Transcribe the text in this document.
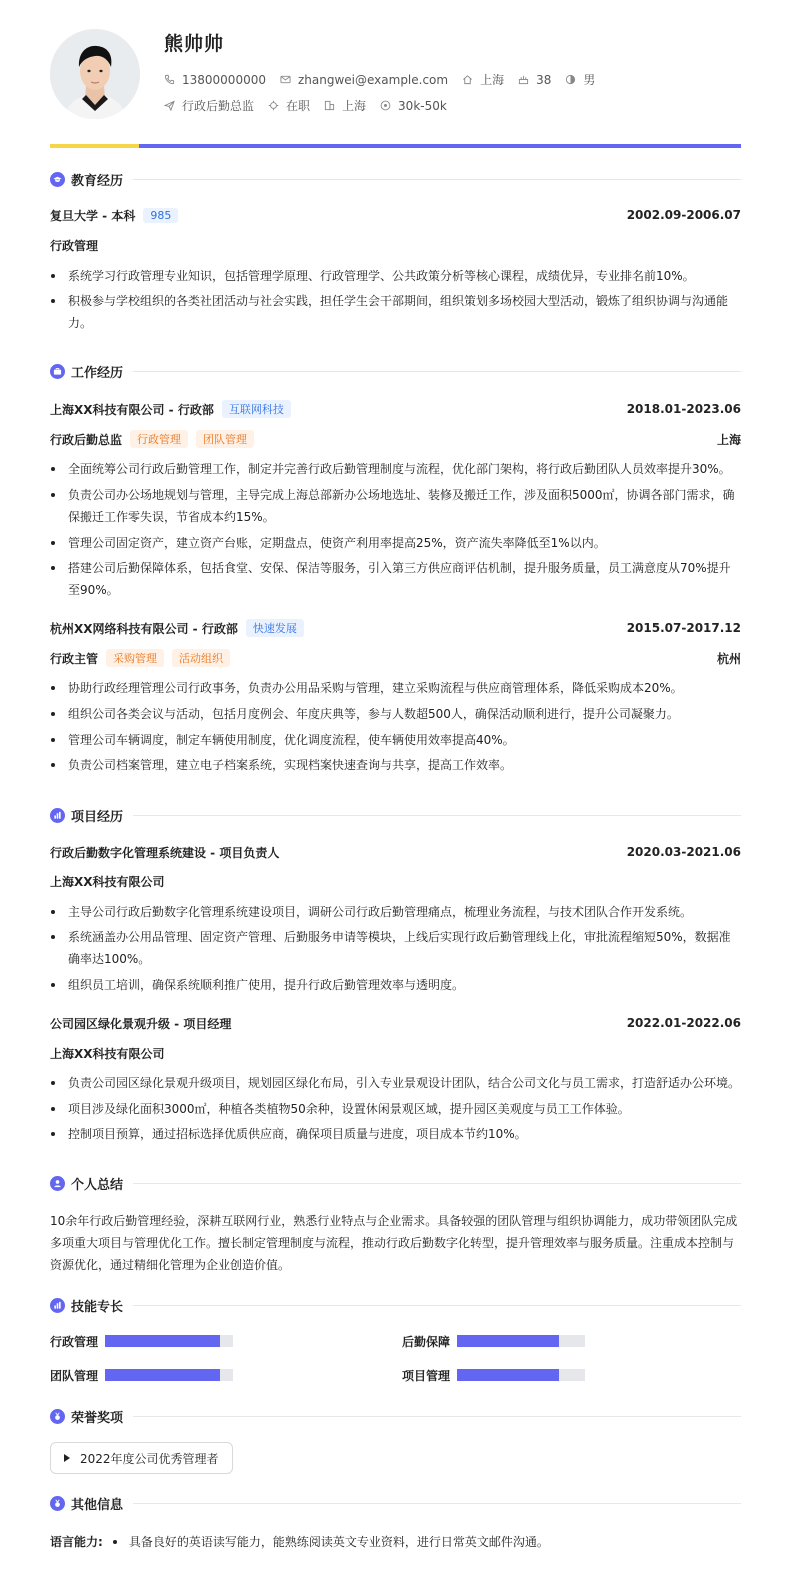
熊帅帅
13800000000	zhangwei@example.com	上海	38	男
行政后勤总监	在职	上海	30k-50k
教育经历
复旦大学 - 本科	985	2002.09-2006.07
行政管理
系统学习行政管理专业知识，包括管理学原理、行政管理学、公共政策分析等核心课程，成绩优异，专业排名前10%。
积极参与学校组织的各类社团活动与社会实践，担任学生会干部期间，组织策划多场校园大型活动，锻炼了组织协调与沟通能力。
工作经历
上海XX科技有限公司 - 行政部	互联网科技	2018.01-2023.06
行政后勤总监	行政管理	团队管理	上海
全面统筹公司行政后勤管理工作，制定并完善行政后勤管理制度与流程，优化部门架构，将行政后勤团队人员效率提升30%。
负责公司办公场地规划与管理，主导完成上海总部新办公场地选址、装修及搬迁工作，涉及面积5000㎡，协调各部门需求，确保搬迁工作零失误，节省成本约15%。
管理公司固定资产，建立资产台账，定期盘点，使资产利用率提高25%，资产流失率降低至1%以内。
搭建公司后勤保障体系，包括食堂、安保、保洁等服务，引入第三方供应商评估机制，提升服务质量，员工满意度从70%提升至90%。
杭州XX网络科技有限公司 - 行政部	快速发展	2015.07-2017.12
行政主管	采购管理	活动组织	杭州
协助行政经理管理公司行政事务，负责办公用品采购与管理，建立采购流程与供应商管理体系，降低采购成本20%。
组织公司各类会议与活动，包括月度例会、年度庆典等，参与人数超500人，确保活动顺利进行，提升公司凝聚力。
管理公司车辆调度，制定车辆使用制度，优化调度流程，使车辆使用效率提高40%。
负责公司档案管理，建立电子档案系统，实现档案快速查询与共享，提高工作效率。
项目经历
行政后勤数字化管理系统建设 - 项目负责人	2020.03-2021.06
上海XX科技有限公司
主导公司行政后勤数字化管理系统建设项目，调研公司行政后勤管理痛点，梳理业务流程，与技术团队合作开发系统。
系统涵盖办公用品管理、固定资产管理、后勤服务申请等模块，上线后实现行政后勤管理线上化，审批流程缩短50%，数据准确率达100%。
组织员工培训，确保系统顺利推广使用，提升行政后勤管理效率与透明度。
公司园区绿化景观升级 - 项目经理	2022.01-2022.06
上海XX科技有限公司
负责公司园区绿化景观升级项目，规划园区绿化布局，引入专业景观设计团队，结合公司文化与员工需求，打造舒适办公环境。
项目涉及绿化面积3000㎡，种植各类植物50余种，设置休闲景观区域，提升园区美观度与员工工作体验。
控制项目预算，通过招标选择优质供应商，确保项目质量与进度，项目成本节约10%。
个人总结
10余年行政后勤管理经验，深耕互联网行业，熟悉行业特点与企业需求。具备较强的团队管理与组织协调能力，成功带领团队完成多项重大项目与管理优化工作。擅长制定管理制度与流程，推动行政后勤数字化转型，提升管理效率与服务质量。注重成本控制与资源优化，通过精细化管理为企业创造价值。
技能专长
行政管理	后勤保障
团队管理	项目管理
荣誉奖项
2022年度公司优秀管理者
其他信息
语言能力: 具备良好的英语读写能力，能熟练阅读英文专业资料，进行日常英文邮件沟通。
